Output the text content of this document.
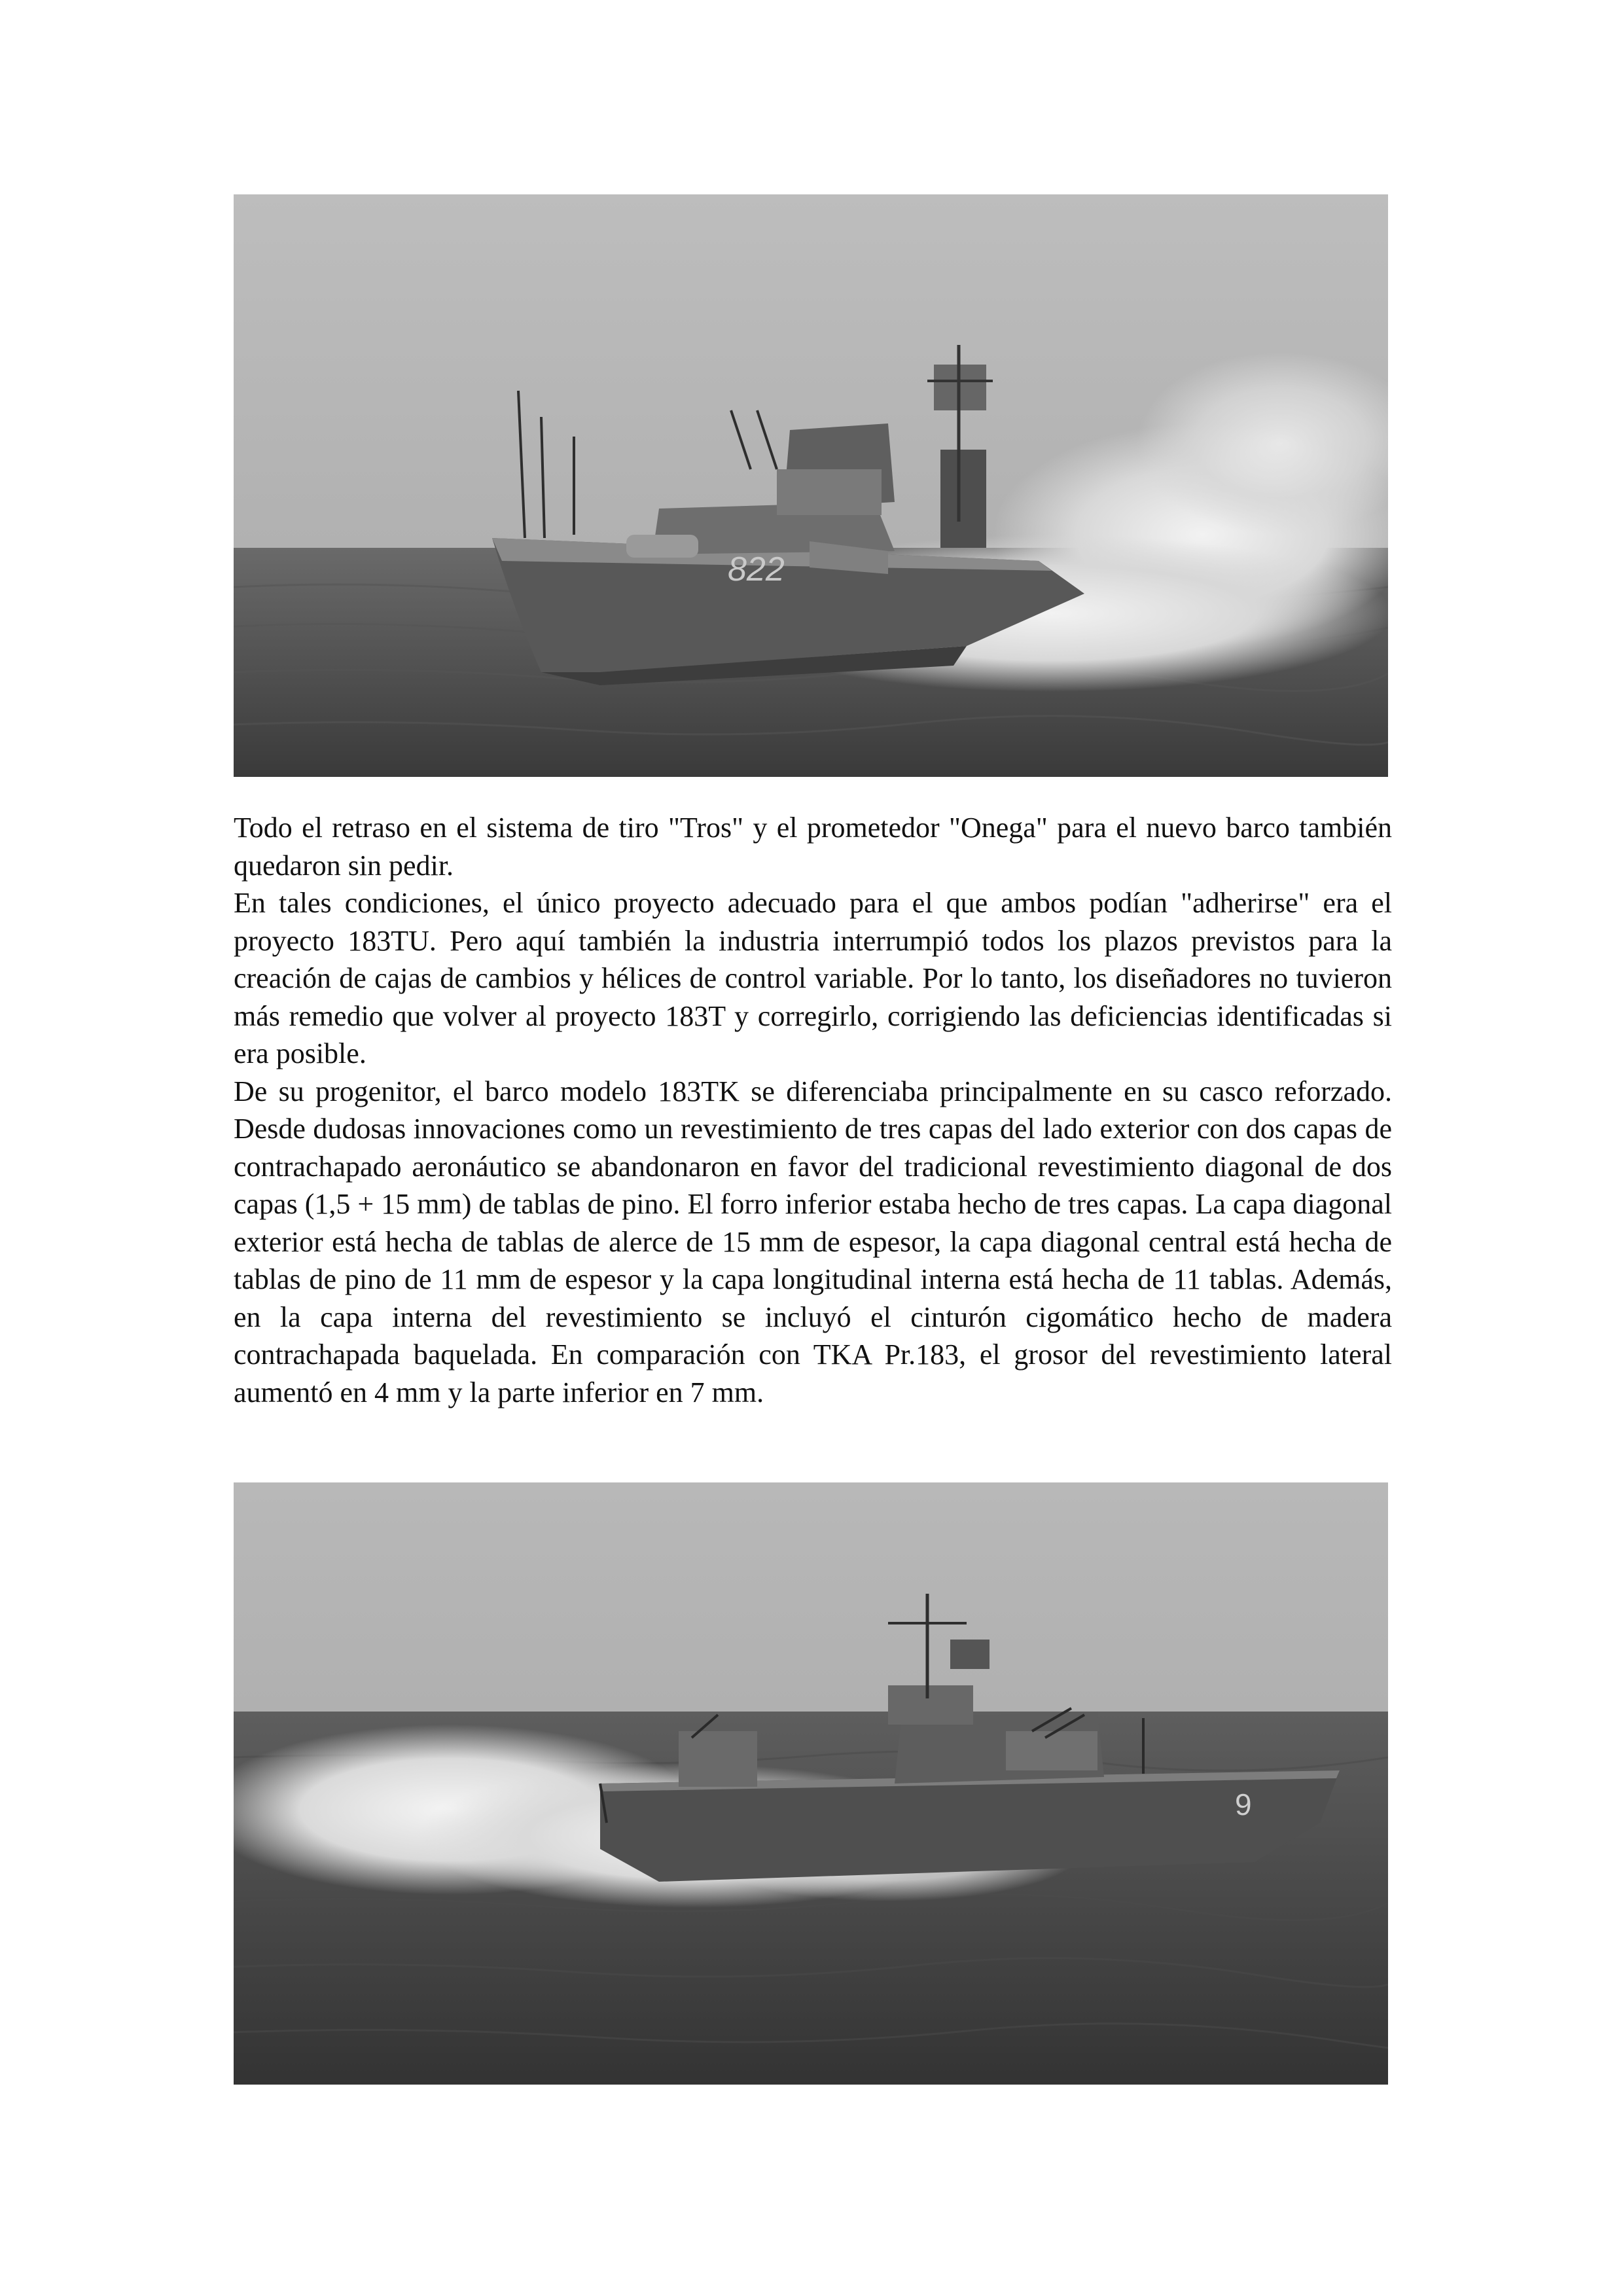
822

Todo el retraso en el sistema de tiro "Tros" y el prometedor "Onega" para el nuevo barco también quedaron sin pedir.

En tales condiciones, el único proyecto adecuado para el que ambos podían "adherirse" era el proyecto 183TU. Pero aquí también la industria interrumpió todos los plazos previstos para la creación de cajas de cambios y hélices de control variable. Por lo tanto, los diseñadores no tuvieron más remedio que volver al proyecto 183T y corregirlo, corrigiendo las deficiencias identificadas si era posible.

De su progenitor, el barco modelo 183TK se diferenciaba principalmente en su casco reforzado. Desde dudosas innovaciones como un revestimiento de tres capas del lado exterior con dos capas de contrachapado aeronáutico se abandonaron en favor del tradicional revestimiento diagonal de dos capas (1,5 + 15 mm) de tablas de pino. El forro inferior estaba hecho de tres capas. La capa diagonal exterior está hecha de tablas de alerce de 15 mm de espesor, la capa diagonal central está hecha de tablas de pino de 11 mm de espesor y la capa longitudinal interna está hecha de 11 tablas. Además, en la capa interna del revestimiento se incluyó el cinturón cigomático hecho de madera contrachapada baquelada. En comparación con TKA Pr.183, el grosor del revestimiento lateral aumentó en 4 mm y la parte inferior en 7 mm.

9
